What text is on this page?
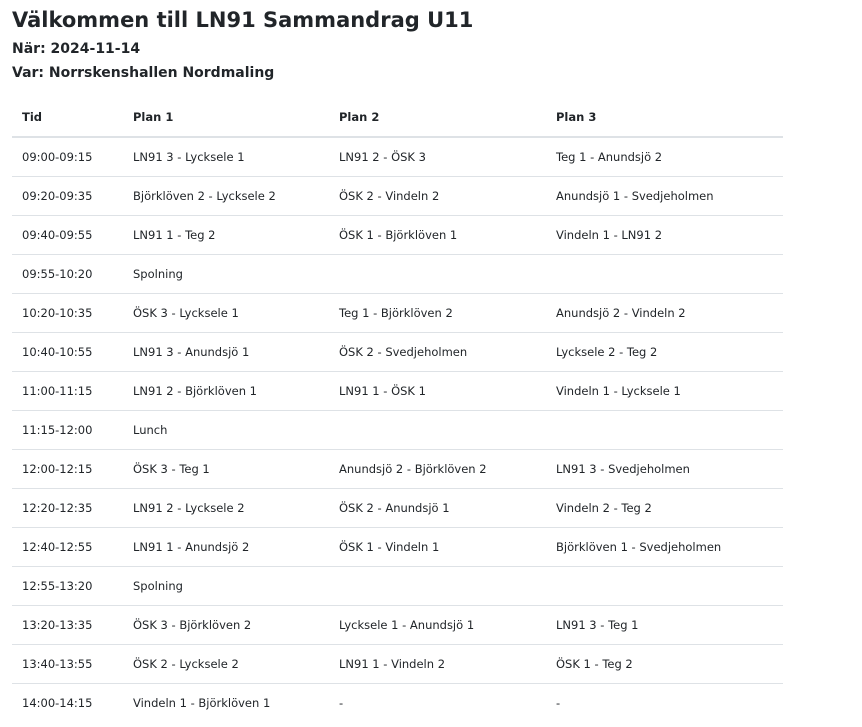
Välkommen till LN91 Sammandrag U11

När: 2024-11-14

Var: Norrskenshallen Nordmaling

Tid	Plan 1	Plan 2	Plan 3
09:00-09:15	LN91 3 - Lycksele 1	LN91 2 - ÖSK 3	Teg 1 - Anundsjö 2
09:20-09:35	Björklöven 2 - Lycksele 2	ÖSK 2 - Vindeln 2	Anundsjö 1 - Svedjeholmen
09:40-09:55	LN91 1 - Teg 2	ÖSK 1 - Björklöven 1	Vindeln 1 - LN91 2
09:55-10:20	Spolning		
10:20-10:35	ÖSK 3 - Lycksele 1	Teg 1 - Björklöven 2	Anundsjö 2 - Vindeln 2
10:40-10:55	LN91 3 - Anundsjö 1	ÖSK 2 - Svedjeholmen	Lycksele 2 - Teg 2
11:00-11:15	LN91 2 - Björklöven 1	LN91 1 - ÖSK 1	Vindeln 1 - Lycksele 1
11:15-12:00	Lunch		
12:00-12:15	ÖSK 3 - Teg 1	Anundsjö 2 - Björklöven 2	LN91 3 - Svedjeholmen
12:20-12:35	LN91 2 - Lycksele 2	ÖSK 2 - Anundsjö 1	Vindeln 2 - Teg 2
12:40-12:55	LN91 1 - Anundsjö 2	ÖSK 1 - Vindeln 1	Björklöven 1 - Svedjeholmen
12:55-13:20	Spolning		
13:20-13:35	ÖSK 3 - Björklöven 2	Lycksele 1 - Anundsjö 1	LN91 3 - Teg 1
13:40-13:55	ÖSK 2 - Lycksele 2	LN91 1 - Vindeln 2	ÖSK 1 - Teg 2
14:00-14:15	Vindeln 1 - Björklöven 1	-	-
